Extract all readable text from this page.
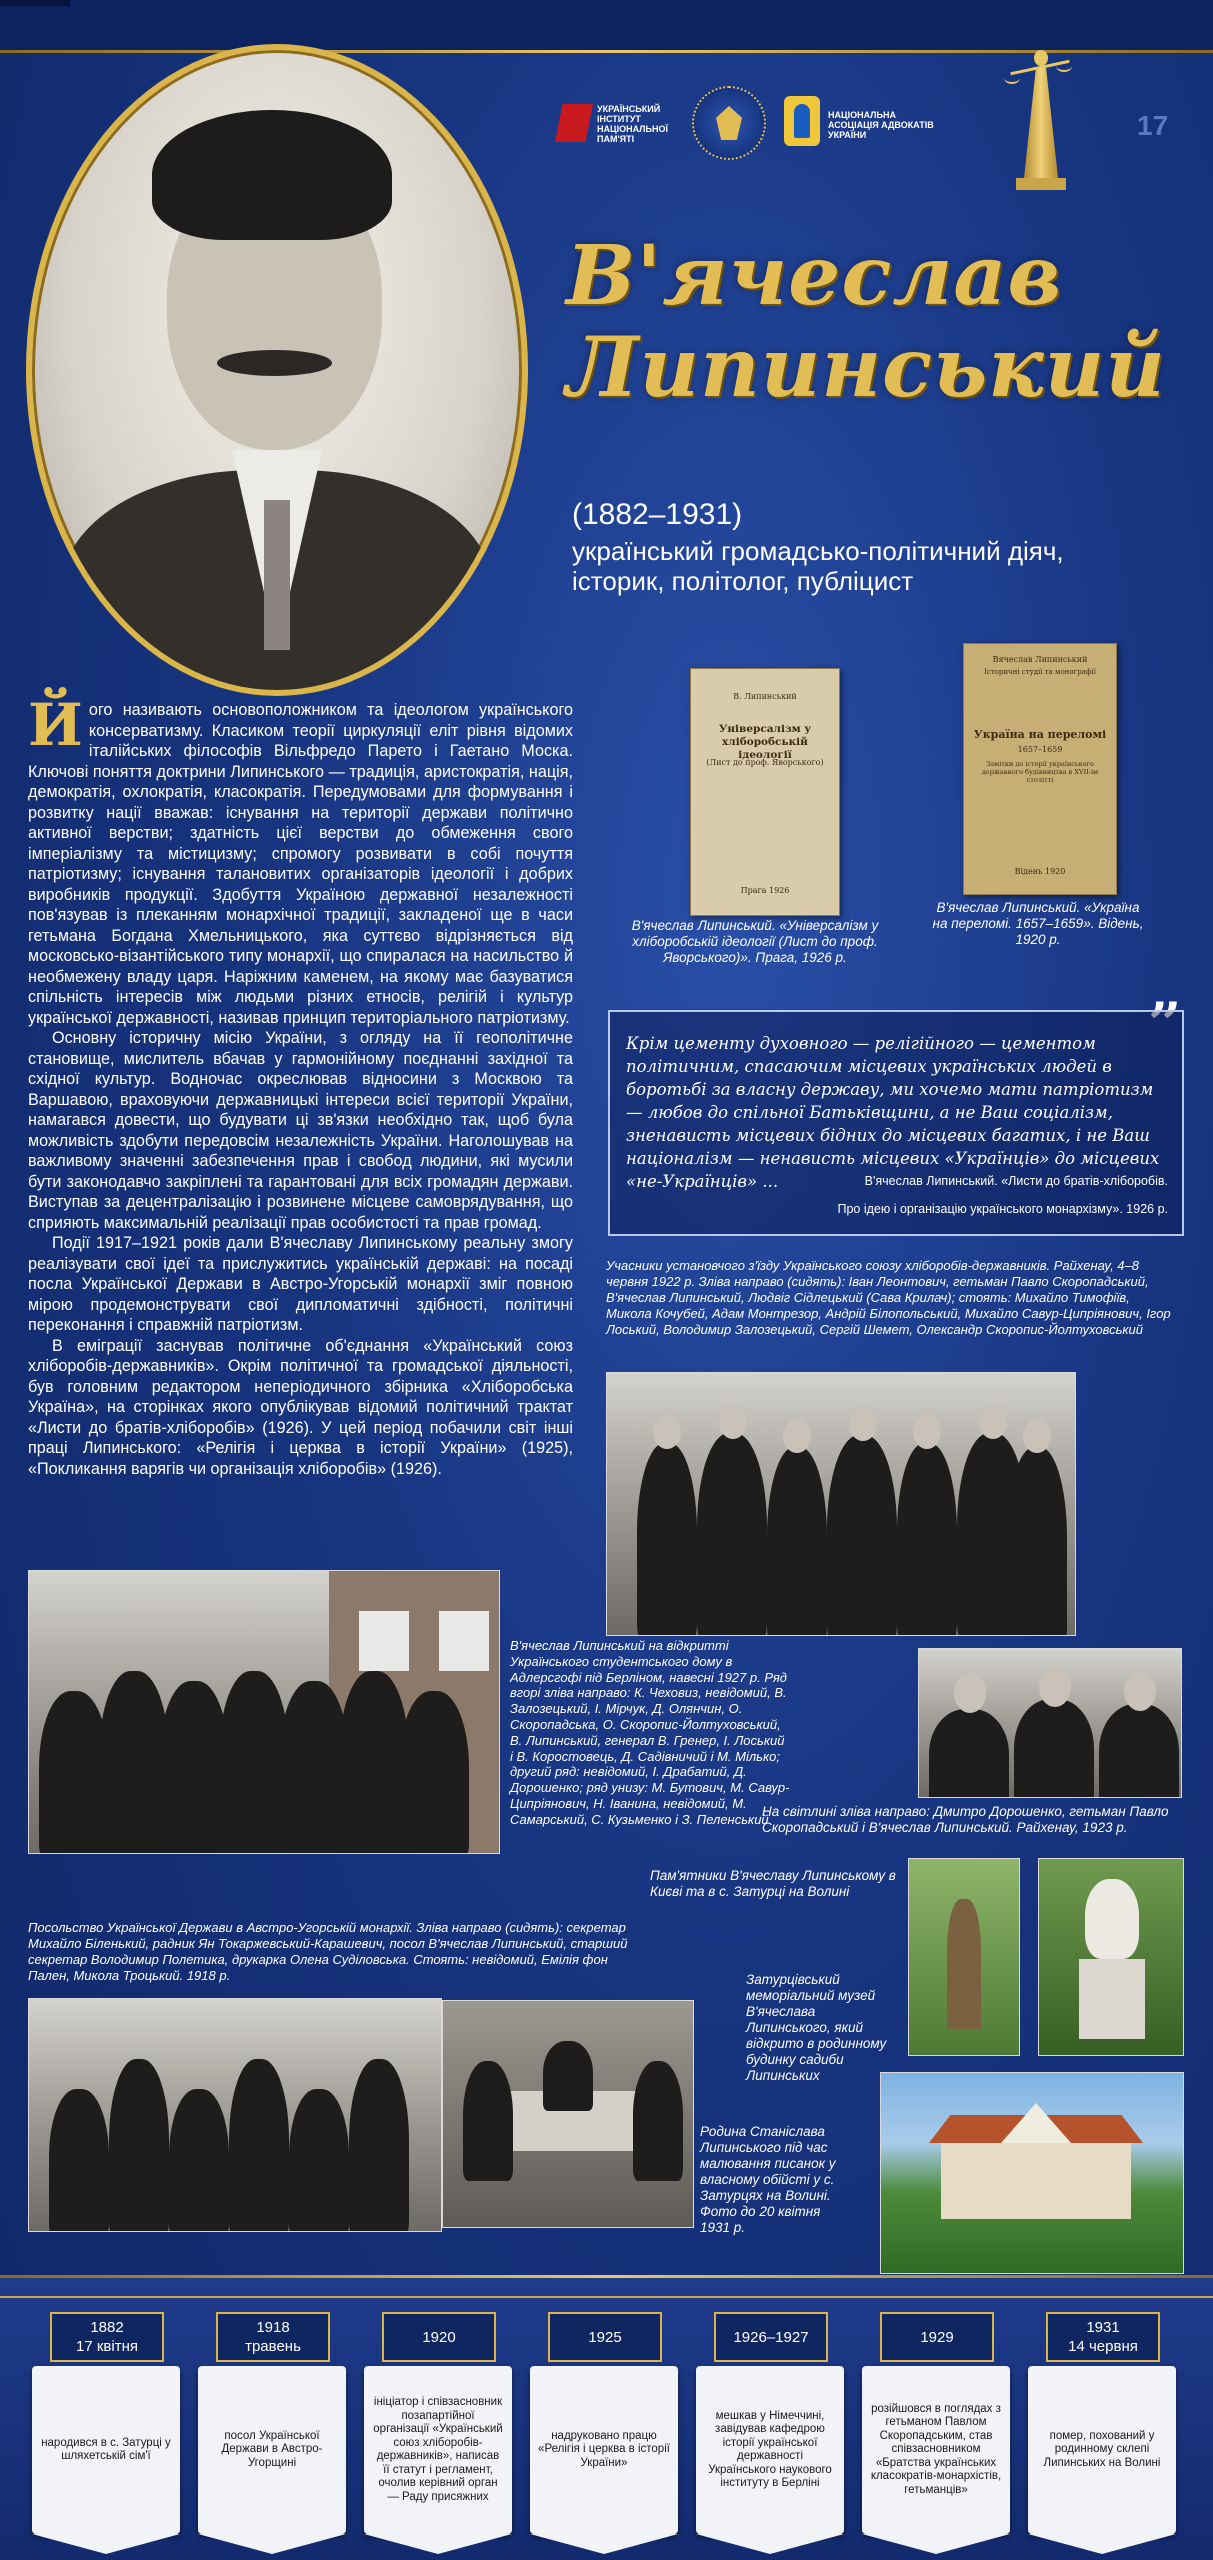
УКРАЇНСЬКИЙ ІНСТИТУТ НАЦІОНАЛЬНОЇ ПАМ'ЯТІ
НАЦІОНАЛЬНА АСОЦІАЦІЯ АДВОКАТІВ УКРАЇНИ	17
В'ячеслав
Липинський
(1882–1931)
український громадсько-політичний діяч, історик, політолог, публіцист

Його називають основоположником та ідеологом українського консерватизму. Класиком теорії циркуляції еліт рівня відомих італійських філософів Вільфредо Парето і Гаетано Моска. Ключові поняття доктрини Липинського — традиція, аристократія, нація, демократія, охлократія, класократія. Передумовами для формування і розвитку нації вважав: існування на території держави політично активної верстви; здатність цієї верстви до обмеження свого імперіалізму та містицизму; спромогу розвивати в собі почуття патріотизму; існування талановитих організаторів ідеології і добрих виробників продукції. Здобуття Україною державної незалежності пов'язував із плеканням монархічної традиції, закладеної ще в часи гетьмана Богдана Хмельницького, яка суттєво відрізняється від московсько-візантійського типу монархії, що спиралася на насильство й необмежену владу царя. Наріжним каменем, на якому має базуватися спільність інтересів між людьми різних етносів, релігій і культур української державності, називав принцип територіального патріотизму.

Основну історичну місію України, з огляду на її геополітичне становище, мислитель вбачав у гармонійному поєднанні західної та східної культур. Водночас окреслював відносини з Москвою та Варшавою, враховуючи державницькі інтереси всієї території України, намагався довести, що будувати ці зв'язки необхідно так, щоб була можливість здобути передовсім незалежність України. Наголошував на важливому значенні забезпечення прав і свобод людини, які мусили бути законодавчо закріплені та гарантовані для всіх громадян держави. Виступав за децентралізацію і розвинене місцеве самоврядування, що сприяють максимальній реалізації прав особистості та прав громад.

Події 1917–1921 років дали В'ячеславу Липинському реальну змогу реалізувати свої ідеї та прислужитись українській державі: на посаді посла Української Держави в Австро-Угорській монархії зміг повною мірою продемонструвати свої дипломатичні здібності, політичні переконання і справжній патріотизм.

В еміграції заснував політичне об'єднання «Український союз хліборобів-державників». Окрім політичної та громадської діяльності, був головним редактором неперіодичного збірника «Хліборобська Україна», на сторінках якого опублікував відомий політичний трактат «Листи до братів-хліборобів» (1926). У цей період побачили світ інші праці Липинського: «Релігія і церква в історії України» (1925), «Покликання варягів чи організація хліборобів» (1926).

В. Липинський
Універсалізм у хліборобській ідеології
(Лист до проф. Яворського)
Прага 1926
В'ячеслав Липинський. «Універсалізм у хліборобській ідеології (Лист до проф. Яворського)». Прага, 1926 р.
Вячеслав Липинський
Історичні студії та монографії
Україна на переломі
1657–1659
Замітки до історії українського державного будівництва в XVII-ім столітті
Відень 1920
В'ячеслав Липинський. «Україна на переломі. 1657–1659». Відень, 1920 р.
”
Крім цементу духовного — релігійного — цементом політичним, спасаючим місцевих українських людей в боротьбі за власну державу, ми хочемо мати патріотизм — любов до спільної Батьківщини, а не Ваш соціалізм, зненависть місцевих бідних до місцевих багатих, і не Ваш націоналізм — ненависть місцевих «Українців» до місцевих «не-Українців» ...	В'ячеслав Липинський. «Листи до братів-хліборобів.
Про ідею і організацію українського монархізму». 1926 р.
Учасники установчого з'їзду Українського союзу хліборобів-державників. Райхенау, 4–8 червня 1922 р. Зліва направо (сидять): Іван Леонтович, гетьман Павло Скоропадський, В'ячеслав Липинський, Людвіг Сідлецький (Сава Крилач); стоять: Михайло Тимофіїв, Микола Кочубей, Адам Монтрезор, Андрій Білопольський, Михайло Савур-Ципріянович, Ігор Лоський, Володимир Залозецький, Сергій Шемет, Олександр Скоропис-Йолтуховський
В'ячеслав Липинський на відкритті Українського студентського дому в Адлерсгофі під Берліном, навесні 1927 р. Ряд вгорі зліва направо: К. Чеховиз, невідомий, В. Залозецький, І. Мірчук, Д. Олянчин, О. Скоропадська, О. Скоропис-Йолтуховський, В. Липинський, генерал В. Гренер, І. Лоський і В. Коростовець, Д. Садівничий і М. Мілько; другий ряд: невідомий, І. Драбатий, Д. Дорошенко; ряд унизу: М. Бутович, М. Савур-Ципріянович, Н. Іванина, невідомий, М. Самарський, С. Кузьменко і З. Пеленський
На світлині зліва направо: Дмитро Дорошенко, гетьман Павло Скоропадський і В'ячеслав Липинський. Райхенау, 1923 р.
Пам'ятники В'ячеславу Липинському в Києві та в с. Затурці на Волині
Затурцівський меморіальний музей В'ячеслава Липинського, який відкрито в родинному будинку садиби Липинських
Посольство Української Держави в Австро-Угорській монархії. Зліва направо (сидять): секретар Михайло Біленький, радник Ян Токаржевський-Карашевич, посол В'ячеслав Липинський, старший секретар Володимир Полетика, друкарка Олена Суділовська. Стоять: невідомий, Емілія фон Пален, Микола Троцький. 1918 р.
Родина Станіслава Липинського під час малювання писанок у власному обійсті у с. Затурцях на Волині. Фото до 20 квітня 1931 р.
1882
17 квітня
народився в с. Затурці у шляхетській сім'ї
1918
травень
посол Української Держави в Австро-Угорщині
1920
ініціатор і співзасновник позапартійної організації «Український союз хліборобів-державників», написав її статут і регламент, очолив керівний орган — Раду присяжних
1925
надруковано працю «Релігія і церква в історії України»
1926–1927
мешкав у Німеччині, завідував кафедрою історії української державності Українського наукового інституту в Берліні
1929
розійшовся в поглядах з гетьманом Павлом Скоропадським, став співзасновником «Братства українських класократів-монархістів, гетьманців»
1931
14 червня
помер, похований у родинному склепі Липинських на Волині
